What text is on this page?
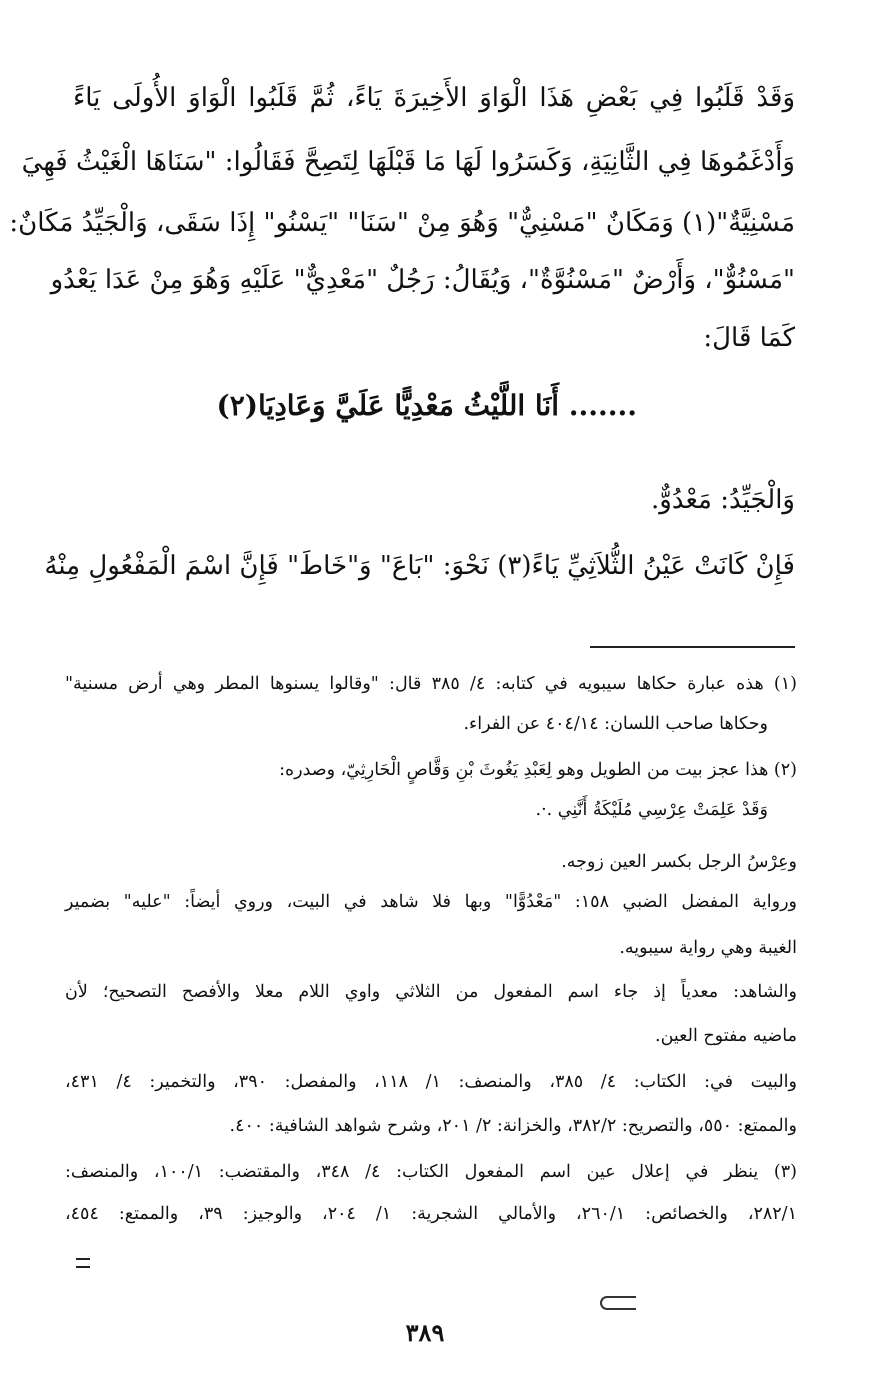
وَقَدْ قَلَبُوا فِي بَعْضِ هَذَا الْوَاوَ الأَخِيرَةَ يَاءً، ثُمَّ قَلَبُوا الْوَاوَ الأُولَى يَاءً
وَأَدْغَمُوهَا فِي الثَّانِيَةِ، وَكَسَرُوا لَهَا مَا قَبْلَهَا لِتَصِحَّ فَقَالُوا: "سَنَاهَا الْغَيْثُ فَهِيَ
مَسْنِيَّةٌ"(١) وَمَكَانٌ "مَسْنِيٌّ" وَهُوَ مِنْ "سَنَا" "يَسْنُو" إِذَا سَقَى، وَالْجَيِّدُ مَكَانٌ:
"مَسْنُوٌّ"، وَأَرْضٌ "مَسْنُوَّةٌ"، وَيُقَالُ: رَجُلٌ "مَعْدِيٌّ" عَلَيْهِ وَهُوَ مِنْ عَدَا يَعْدُو
كَمَا قَالَ:
....... أَنَا اللَّيْثُ مَعْدِيًّا عَلَيَّ وَعَادِيَا(٢)
وَالْجَيِّدُ: مَعْدُوٌّ.
فَإِنْ كَانَتْ عَيْنُ الثُّلاَثِيِّ يَاءً(٣) نَحْوَ: "بَاعَ" وَ"خَاطَ" فَإِنَّ اسْمَ الْمَفْعُولِ مِنْهُ
(١) هذه عبارة حكاها سيبويه في كتابه: ٤/ ٣٨٥ قال: "وقالوا يسنوها المطر وهي أرض مسنية"
وحكاها صاحب اللسان: ٤٠٤/١٤ عن الفراء.
(٢) هذا عجز بيت من الطويل وهو لِعَبْدِ يَغُوثَ بْنِ وَقَّاصٍ الْحَارِثِيّ، وصدره:
وَقَدْ عَلِمَتْ عِرْسِي مُلَيْكَةُ أَنَّنِي .·.
وعِرْسُ الرجل بكسر العين زوجه.
ورواية المفضل الضبي ١٥٨: "مَعْدُوًّا" وبها فلا شاهد في البيت، وروي أيضاً: "عليه" بضمير
الغيبة وهي رواية سيبويه.
والشاهد: معدياً إذ جاء اسم المفعول من الثلاثي واوي اللام معلا والأفصح التصحيح؛ لأن
ماضيه مفتوح العين.
والبيت في: الكتاب: ٤/ ٣٨٥، والمنصف: ١/ ١١٨، والمفصل: ٣٩٠، والتخمير: ٤/ ٤٣١،
والممتع: ٥٥٠، والتصريح: ٣٨٢/٢، والخزانة: ٢/ ٢٠١، وشرح شواهد الشافية: ٤٠٠.
(٣) ينظر في إعلال عين اسم المفعول الكتاب: ٤/ ٣٤٨، والمقتضب: ١٠٠/١، والمنصف:
٢٨٢/١، والخصائص: ٢٦٠/١، والأمالي الشجرية: ١/ ٢٠٤، والوجيز: ٣٩، والممتع: ٤٥٤،
٣٨٩
